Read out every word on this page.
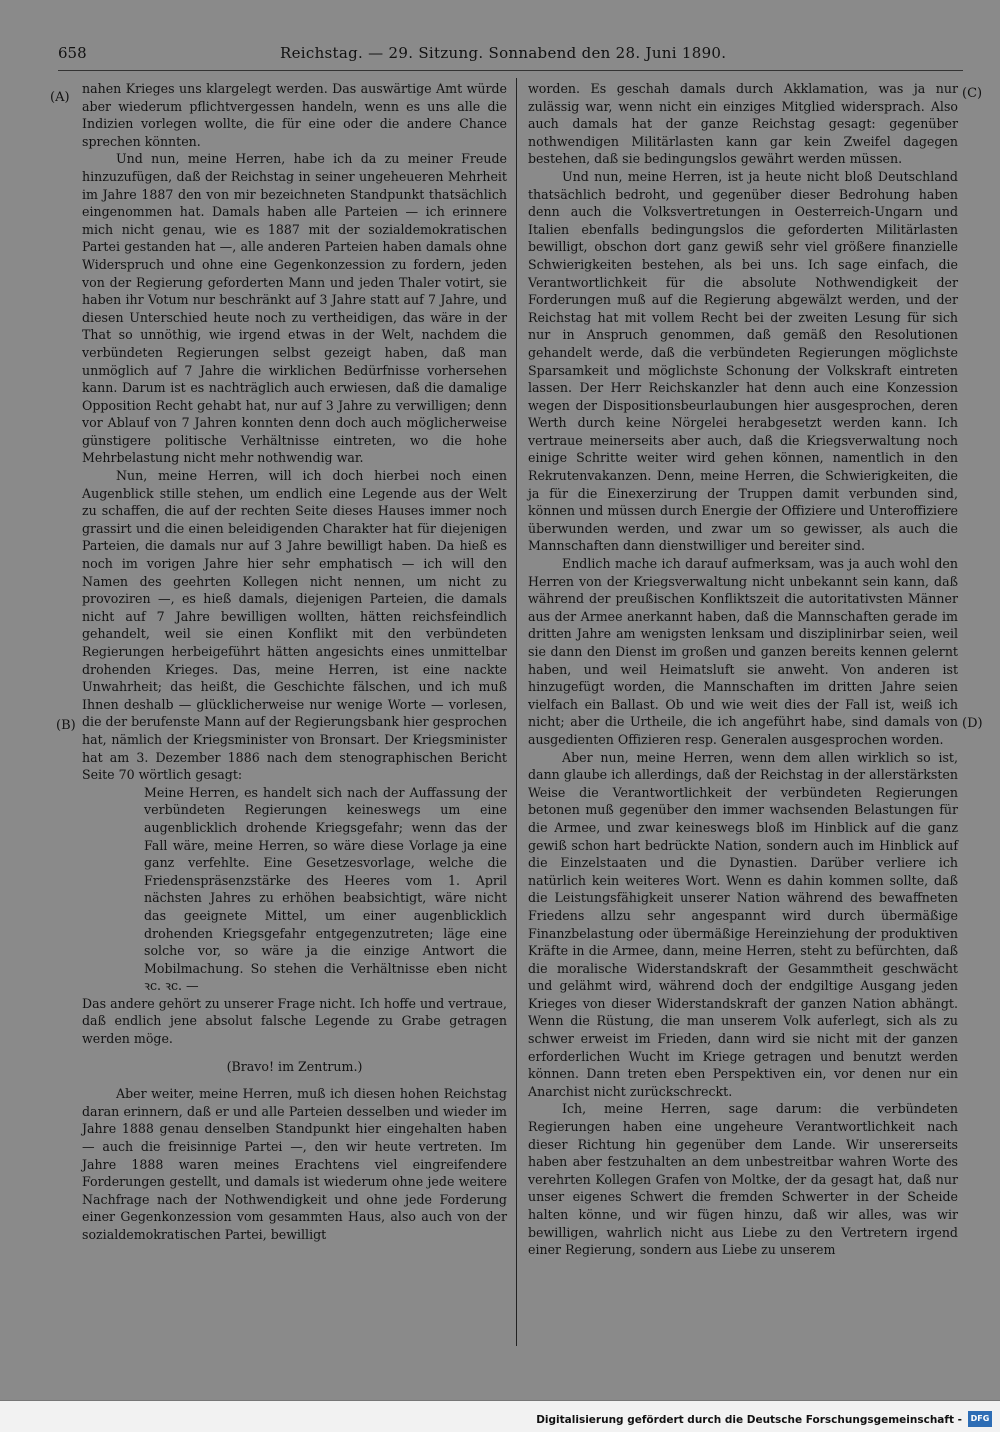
658	Reichstag. — 29. Sitzung. Sonnabend den 28. Juni 1890.
(A)
(B)
(C)
(D)

nahen Krieges uns klargelegt werden. Das auswärtige Amt würde aber wiederum pflichtvergessen handeln, wenn es uns alle die Indizien vorlegen wollte, die für eine oder die andere Chance sprechen könnten.

Und nun, meine Herren, habe ich da zu meiner Freude hinzuzufügen, daß der Reichstag in seiner ungeheueren Mehrheit im Jahre 1887 den von mir bezeichneten Standpunkt thatsächlich eingenommen hat. Damals haben alle Parteien — ich erinnere mich nicht genau, wie es 1887 mit der sozialdemokratischen Partei gestanden hat —, alle anderen Parteien haben damals ohne Widerspruch und ohne eine Gegenkonzession zu fordern, jeden von der Regierung geforderten Mann und jeden Thaler votirt, sie haben ihr Votum nur beschränkt auf 3 Jahre statt auf 7 Jahre, und diesen Unterschied heute noch zu vertheidigen, das wäre in der That so unnöthig, wie irgend etwas in der Welt, nachdem die verbündeten Regierungen selbst gezeigt haben, daß man unmöglich auf 7 Jahre die wirklichen Bedürfnisse vorhersehen kann. Darum ist es nachträglich auch erwiesen, daß die damalige Opposition Recht gehabt hat, nur auf 3 Jahre zu verwilligen; denn vor Ablauf von 7 Jahren konnten denn doch auch möglicherweise günstigere politische Verhältnisse eintreten, wo die hohe Mehrbelastung nicht mehr nothwendig war.

Nun, meine Herren, will ich doch hierbei noch einen Augenblick stille stehen, um endlich eine Legende aus der Welt zu schaffen, die auf der rechten Seite dieses Hauses immer noch grassirt und die einen beleidigenden Charakter hat für diejenigen Parteien, die damals nur auf 3 Jahre bewilligt haben. Da hieß es noch im vorigen Jahre hier sehr emphatisch — ich will den Namen des geehrten Kollegen nicht nennen, um nicht zu provoziren —, es hieß damals, diejenigen Parteien, die damals nicht auf 7 Jahre bewilligen wollten, hätten reichsfeindlich gehandelt, weil sie einen Konflikt mit den verbündeten Regierungen herbeigeführt hätten angesichts eines unmittelbar drohenden Krieges. Das, meine Herren, ist eine nackte Unwahrheit; das heißt, die Geschichte fälschen, und ich muß Ihnen deshalb — glücklicherweise nur wenige Worte — vorlesen, die der berufenste Mann auf der Regierungsbank hier gesprochen hat, nämlich der Kriegsminister von Bronsart. Der Kriegsminister hat am 3. Dezember 1886 nach dem stenographischen Bericht Seite 70 wörtlich gesagt:

Meine Herren, es handelt sich nach der Auffassung der verbündeten Regierungen keineswegs um eine augenblicklich drohende Kriegsgefahr; wenn das der Fall wäre, meine Herren, so wäre diese Vorlage ja eine ganz verfehlte. Eine Gesetzesvorlage, welche die Friedenspräsenzstärke des Heeres vom 1. April nächsten Jahres zu erhöhen beabsichtigt, wäre nicht das geeignete Mittel, um einer augenblicklich drohenden Kriegsgefahr entgegenzutreten; läge eine solche vor, so wäre ja die einzige Antwort die Mobilmachung. So stehen die Verhältnisse eben nicht ꝛc. ꝛc. —

Das andere gehört zu unserer Frage nicht. Ich hoffe und vertraue, daß endlich jene absolut falsche Legende zu Grabe getragen werden möge.

(Bravo! im Zentrum.)

Aber weiter, meine Herren, muß ich diesen hohen Reichstag daran erinnern, daß er und alle Parteien desselben und wieder im Jahre 1888 genau denselben Standpunkt hier eingehalten haben — auch die freisinnige Partei —, den wir heute vertreten. Im Jahre 1888 waren meines Erachtens viel eingreifendere Forderungen gestellt, und damals ist wiederum ohne jede weitere Nachfrage nach der Nothwendigkeit und ohne jede Forderung einer Gegenkonzession vom gesammten Haus, also auch von der sozialdemokratischen Partei, bewilligt

worden. Es geschah damals durch Akklamation, was ja nur zulässig war, wenn nicht ein einziges Mitglied widersprach. Also auch damals hat der ganze Reichstag gesagt: gegenüber nothwendigen Militärlasten kann gar kein Zweifel dagegen bestehen, daß sie bedingungslos gewährt werden müssen.

Und nun, meine Herren, ist ja heute nicht bloß Deutschland thatsächlich bedroht, und gegenüber dieser Bedrohung haben denn auch die Volksvertretungen in Oesterreich-Ungarn und Italien ebenfalls bedingungslos die geforderten Militärlasten bewilligt, obschon dort ganz gewiß sehr viel größere finanzielle Schwierigkeiten bestehen, als bei uns. Ich sage einfach, die Verantwortlichkeit für die absolute Nothwendigkeit der Forderungen muß auf die Regierung abgewälzt werden, und der Reichstag hat mit vollem Recht bei der zweiten Lesung für sich nur in Anspruch genommen, daß gemäß den Resolutionen gehandelt werde, daß die verbündeten Regierungen möglichste Sparsamkeit und möglichste Schonung der Volkskraft eintreten lassen. Der Herr Reichskanzler hat denn auch eine Konzession wegen der Dispositionsbeurlaubungen hier ausgesprochen, deren Werth durch keine Nörgelei herabgesetzt werden kann. Ich vertraue meinerseits aber auch, daß die Kriegsverwaltung noch einige Schritte weiter wird gehen können, namentlich in den Rekrutenvakanzen. Denn, meine Herren, die Schwierigkeiten, die ja für die Einexerzirung der Truppen damit verbunden sind, können und müssen durch Energie der Offiziere und Unteroffiziere überwunden werden, und zwar um so gewisser, als auch die Mannschaften dann dienstwilliger und bereiter sind.

Endlich mache ich darauf aufmerksam, was ja auch wohl den Herren von der Kriegsverwaltung nicht unbekannt sein kann, daß während der preußischen Konfliktszeit die autoritativsten Männer aus der Armee anerkannt haben, daß die Mannschaften gerade im dritten Jahre am wenigsten lenksam und disziplinirbar seien, weil sie dann den Dienst im großen und ganzen bereits kennen gelernt haben, und weil Heimatsluft sie anweht. Von anderen ist hinzugefügt worden, die Mannschaften im dritten Jahre seien vielfach ein Ballast. Ob und wie weit dies der Fall ist, weiß ich nicht; aber die Urtheile, die ich angeführt habe, sind damals von ausgedienten Offizieren resp. Generalen ausgesprochen worden.

Aber nun, meine Herren, wenn dem allen wirklich so ist, dann glaube ich allerdings, daß der Reichstag in der allerstärksten Weise die Verantwortlichkeit der verbündeten Regierungen betonen muß gegenüber den immer wachsenden Belastungen für die Armee, und zwar keineswegs bloß im Hinblick auf die ganz gewiß schon hart bedrückte Nation, sondern auch im Hinblick auf die Einzelstaaten und die Dynastien. Darüber verliere ich natürlich kein weiteres Wort. Wenn es dahin kommen sollte, daß die Leistungsfähigkeit unserer Nation während des bewaffneten Friedens allzu sehr angespannt wird durch übermäßige Finanzbelastung oder übermäßige Hereinziehung der produktiven Kräfte in die Armee, dann, meine Herren, steht zu befürchten, daß die moralische Widerstandskraft der Gesammtheit geschwächt und gelähmt wird, während doch der endgiltige Ausgang jeden Krieges von dieser Widerstandskraft der ganzen Nation abhängt. Wenn die Rüstung, die man unserem Volk auferlegt, sich als zu schwer erweist im Frieden, dann wird sie nicht mit der ganzen erforderlichen Wucht im Kriege getragen und benutzt werden können. Dann treten eben Perspektiven ein, vor denen nur ein Anarchist nicht zurückschreckt.

Ich, meine Herren, sage darum: die verbündeten Regierungen haben eine ungeheure Verantwortlichkeit nach dieser Richtung hin gegenüber dem Lande. Wir unsererseits haben aber festzuhalten an dem unbestreitbar wahren Worte des verehrten Kollegen Grafen von Moltke, der da gesagt hat, daß nur unser eigenes Schwert die fremden Schwerter in der Scheide halten könne, und wir fügen hinzu, daß wir alles, was wir bewilligen, wahrlich nicht aus Liebe zu den Vertretern irgend einer Regierung, sondern aus Liebe zu unserem

Digitalisierung gefördert durch die Deutsche Forschungsgemeinschaft -	DFG
